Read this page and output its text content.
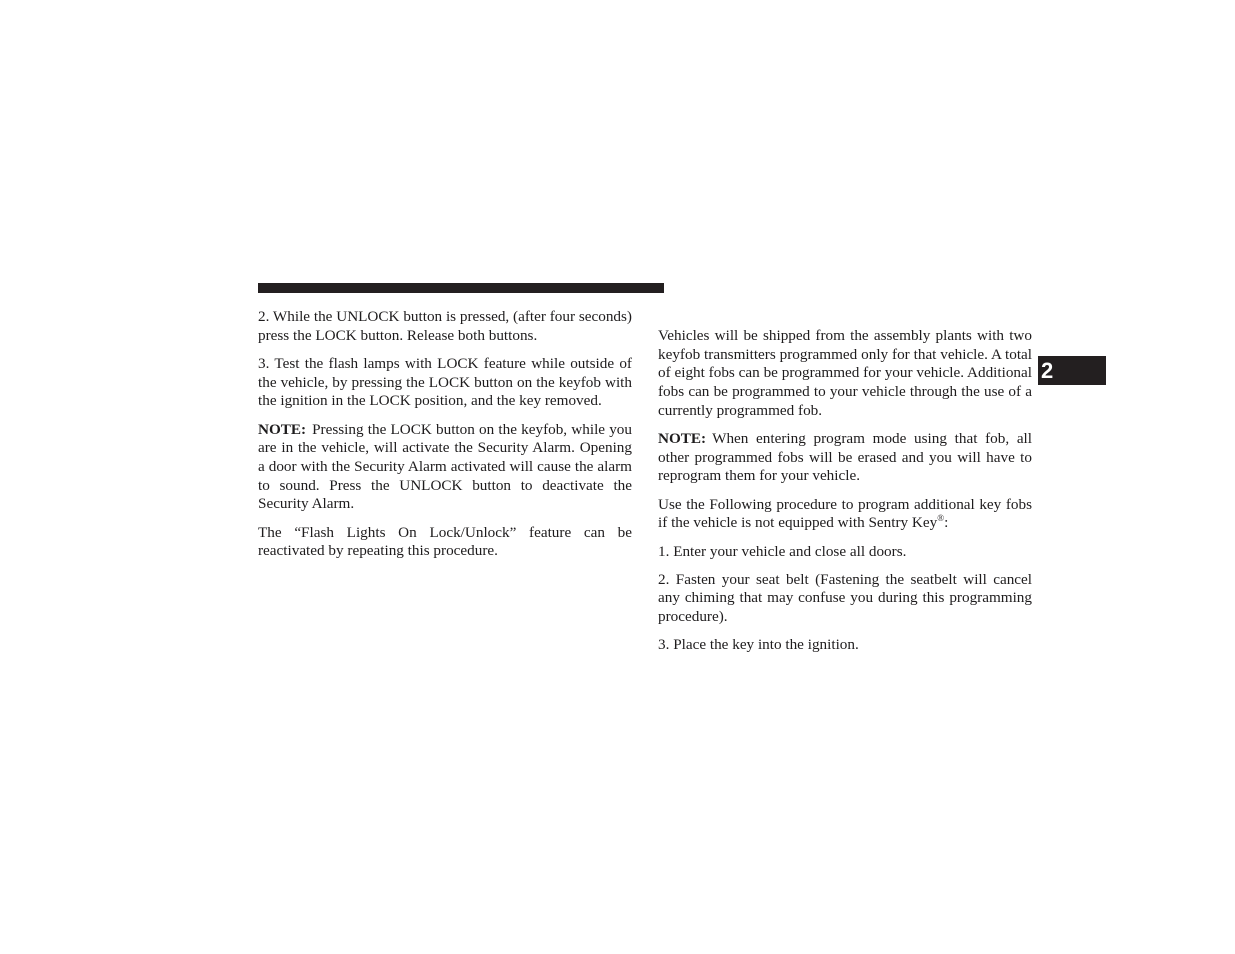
2. While the UNLOCK button is pressed, (after four seconds) press the LOCK button. Release both buttons.

3. Test the flash lamps with LOCK feature while outside of the vehicle, by pressing the LOCK button on the keyfob with the ignition in the LOCK position, and the key removed.

NOTE: Pressing the LOCK button on the keyfob, while you are in the vehicle, will activate the Security Alarm. Opening a door with the Security Alarm activated will cause the alarm to sound. Press the UNLOCK button to deactivate the Security Alarm.

The “Flash Lights On Lock/Unlock” feature can be reactivated by repeating this procedure.

Vehicles will be shipped from the assembly plants with two keyfob transmitters programmed only for that vehicle. A total of eight fobs can be programmed for your vehicle. Additional fobs can be programmed to your vehicle through the use of a currently programmed fob.

NOTE: When entering program mode using that fob, all other programmed fobs will be erased and you will have to reprogram them for your vehicle.

Use the Following procedure to program additional key fobs if the vehicle is not equipped with Sentry Key®:

1. Enter your vehicle and close all doors.

2. Fasten your seat belt (Fastening the seatbelt will cancel any chiming that may confuse you during this programming procedure).

3. Place the key into the ignition.

2
